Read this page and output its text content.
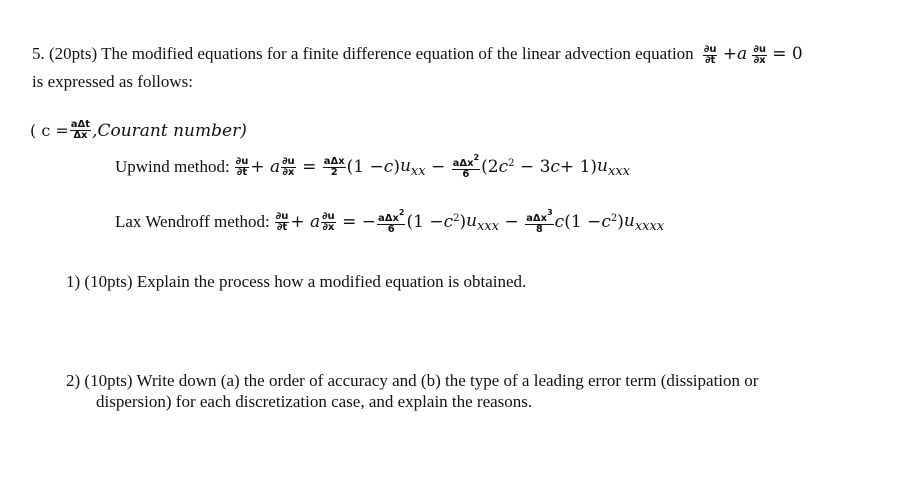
5. (20pts) The modified equations for a finite difference equation of the linear advection equation $\frac{\partial u}{\partial t} +a \frac{\partial u}{\partial x} = 0$
is expressed as follows:
( $c = \frac{\text{aΔt}}{\Delta x}$ ,Courant number)
Upwind method: $\frac{\partial u}{\partial t} + a \frac{\partial u}{\partial x} = \frac{\text{aΔx}}{2} (1 - c$ ) $u_{xx} - \frac{a\Delta x^2}{6} (2$ c $^2$ − 3 c + 1) $u_{xxx}$
Lax Wendroff method: $\frac{\partial u}{\partial t} + a \frac{\partial u}{\partial x}$ = − $\frac{a\Delta x^2}{6} (1 - c$ $^2$) $u_{xxx} - \frac{a\Delta x^3}{8}$ c (1 − c $^2$) $u_{xxxx}$
1) (10pts) Explain the process how a modified equation is obtained.
2) (10pts) Write down (a) the order of accuracy and (b) the type of a leading error term (dissipation or
dispersion) for each discretization case, and explain the reasons.
